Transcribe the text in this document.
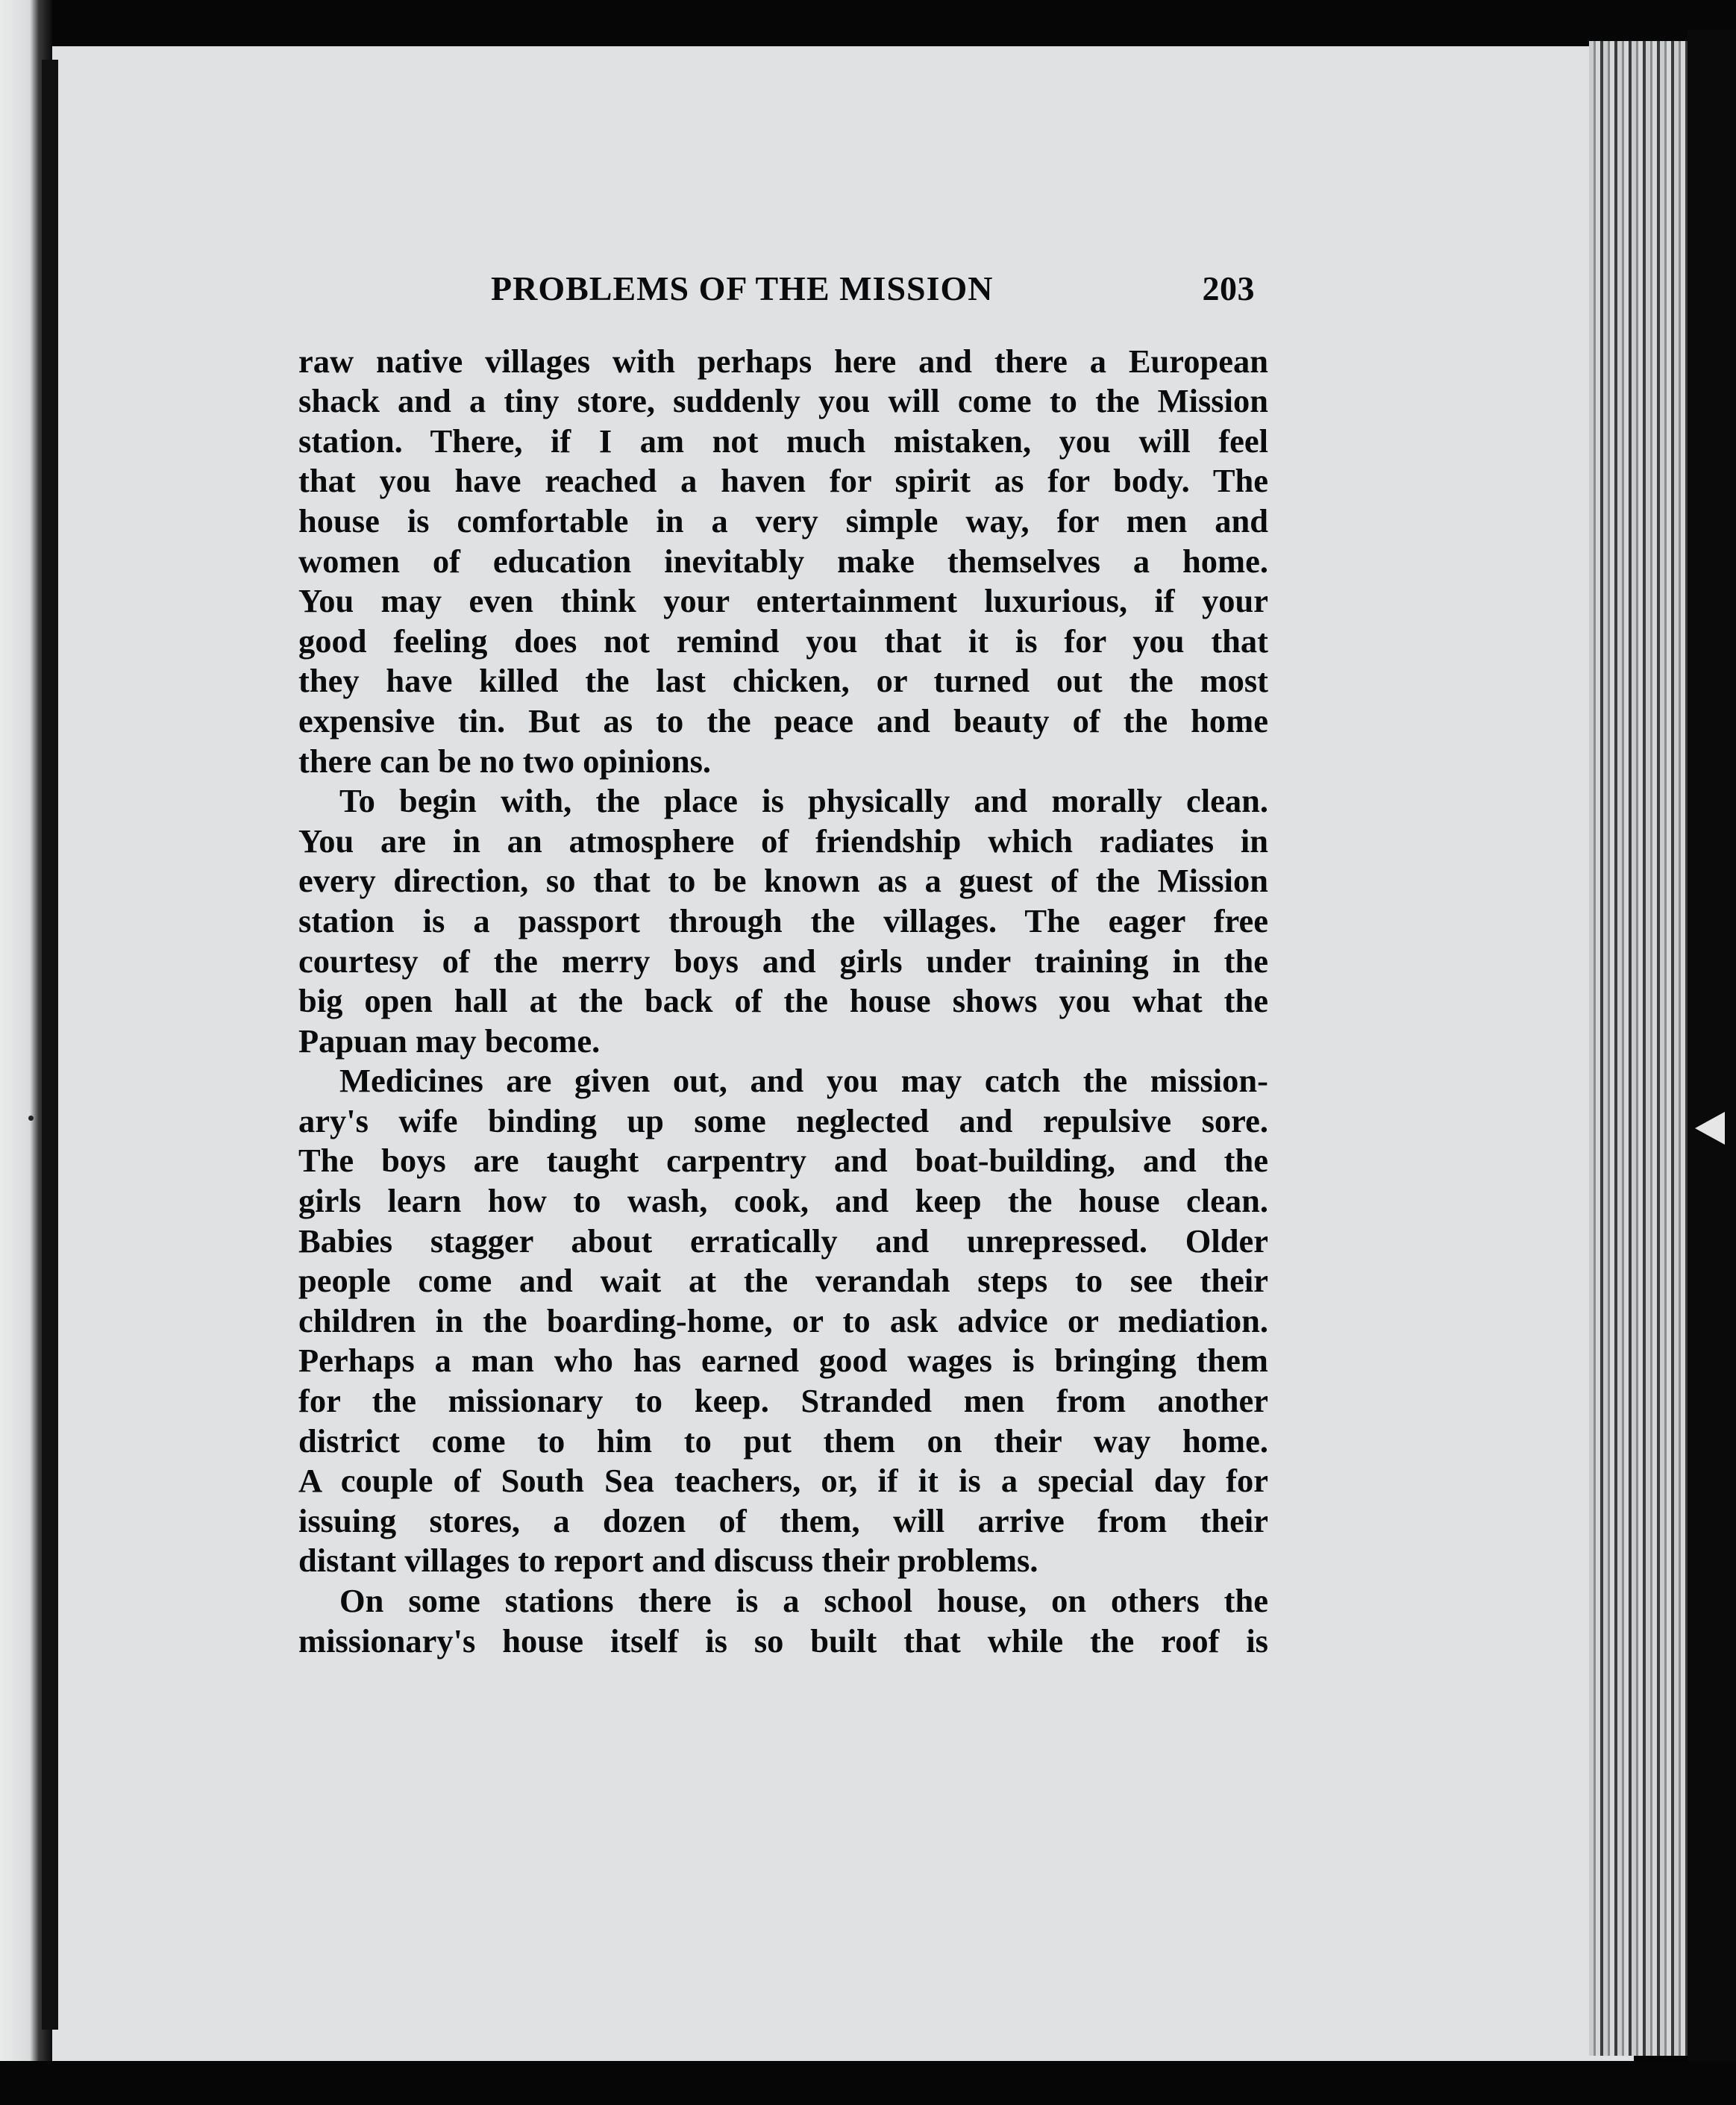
PROBLEMS OF THE MISSION	203
raw native villages with perhaps here and there a European
shack and a tiny store, suddenly you will come to the Mission
station. There, if I am not much mistaken, you will feel
that you have reached a haven for spirit as for body. The
house is comfortable in a very simple way, for men and
women of education inevitably make themselves a home.
You may even think your entertainment luxurious, if your
good feeling does not remind you that it is for you that
they have killed the last chicken, or turned out the most
expensive tin. But as to the peace and beauty of the home
there can be no two opinions.
To begin with, the place is physically and morally clean.
You are in an atmosphere of friendship which radiates in
every direction, so that to be known as a guest of the Mission
station is a passport through the villages. The eager free
courtesy of the merry boys and girls under training in the
big open hall at the back of the house shows you what the
Papuan may become.
Medicines are given out, and you may catch the mission-
ary's wife binding up some neglected and repulsive sore.
The boys are taught carpentry and boat-building, and the
girls learn how to wash, cook, and keep the house clean.
Babies stagger about erratically and unrepressed. Older
people come and wait at the verandah steps to see their
children in the boarding-home, or to ask advice or mediation.
Perhaps a man who has earned good wages is bringing them
for the missionary to keep. Stranded men from another
district come to him to put them on their way home.
A couple of South Sea teachers, or, if it is a special day for
issuing stores, a dozen of them, will arrive from their
distant villages to report and discuss their problems.
On some stations there is a school house, on others the
missionary's house itself is so built that while the roof is
